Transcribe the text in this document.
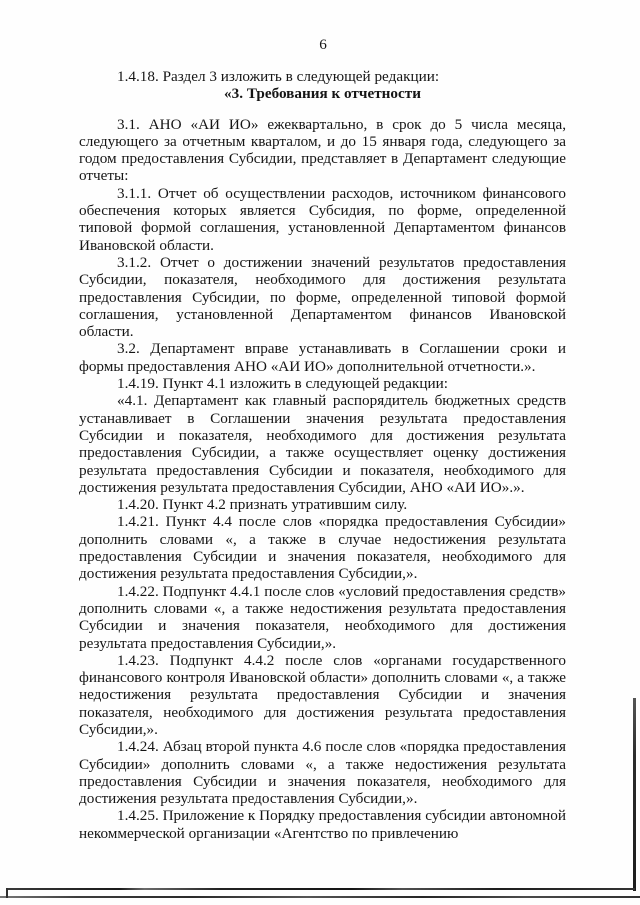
6

1.4.18. Раздел 3 изложить в следующей редакции:

«3. Требования к отчетности

3.1. АНО «АИ ИО» ежеквартально, в срок до 5 числа месяца, следующего за отчетным кварталом, и до 15 января года, следующего за годом предоставления Субсидии, представляет в Департамент следующие отчеты:

3.1.1. Отчет об осуществлении расходов, источником финансового обеспечения которых является Субсидия, по форме, определенной типовой формой соглашения, установленной Департаментом финансов Ивановской области.

3.1.2. Отчет о достижении значений результатов предоставления Субсидии, показателя, необходимого для достижения результата предоставления Субсидии, по форме, определенной типовой формой соглашения, установленной Департаментом финансов Ивановской области.

3.2. Департамент вправе устанавливать в Соглашении сроки и формы предоставления АНО «АИ ИО» дополнительной отчетности.».

1.4.19. Пункт 4.1 изложить в следующей редакции:

«4.1. Департамент как главный распорядитель бюджетных средств устанавливает в Соглашении значения результата предоставления Субсидии и показателя, необходимого для достижения результата предоставления Субсидии, а также осуществляет оценку достижения результата предоставления Субсидии и показателя, необходимого для достижения результата предоставления Субсидии, АНО «АИ ИО».».

1.4.20. Пункт 4.2 признать утратившим силу.

1.4.21. Пункт 4.4 после слов «порядка предоставления Субсидии» дополнить словами «, а также в случае недостижения результата предоставления Субсидии и значения показателя, необходимого для достижения результата предоставления Субсидии,».

1.4.22. Подпункт 4.4.1 после слов «условий предоставления средств» дополнить словами «, а также недостижения результата предоставления Субсидии и значения показателя, необходимого для достижения результата предоставления Субсидии,».

1.4.23. Подпункт 4.4.2 после слов «органами государственного финансового контроля Ивановской области» дополнить словами «, а также недостижения результата предоставления Субсидии и значения показателя, необходимого для достижения результата предоставления Субсидии,».

1.4.24. Абзац второй пункта 4.6 после слов «порядка предоставления Субсидии» дополнить словами «, а также недостижения результата предоставления Субсидии и значения показателя, необходимого для достижения результата предоставления Субсидии,».

1.4.25. Приложение к Порядку предоставления субсидии автономной некоммерческой организации «Агентство по привлечению
